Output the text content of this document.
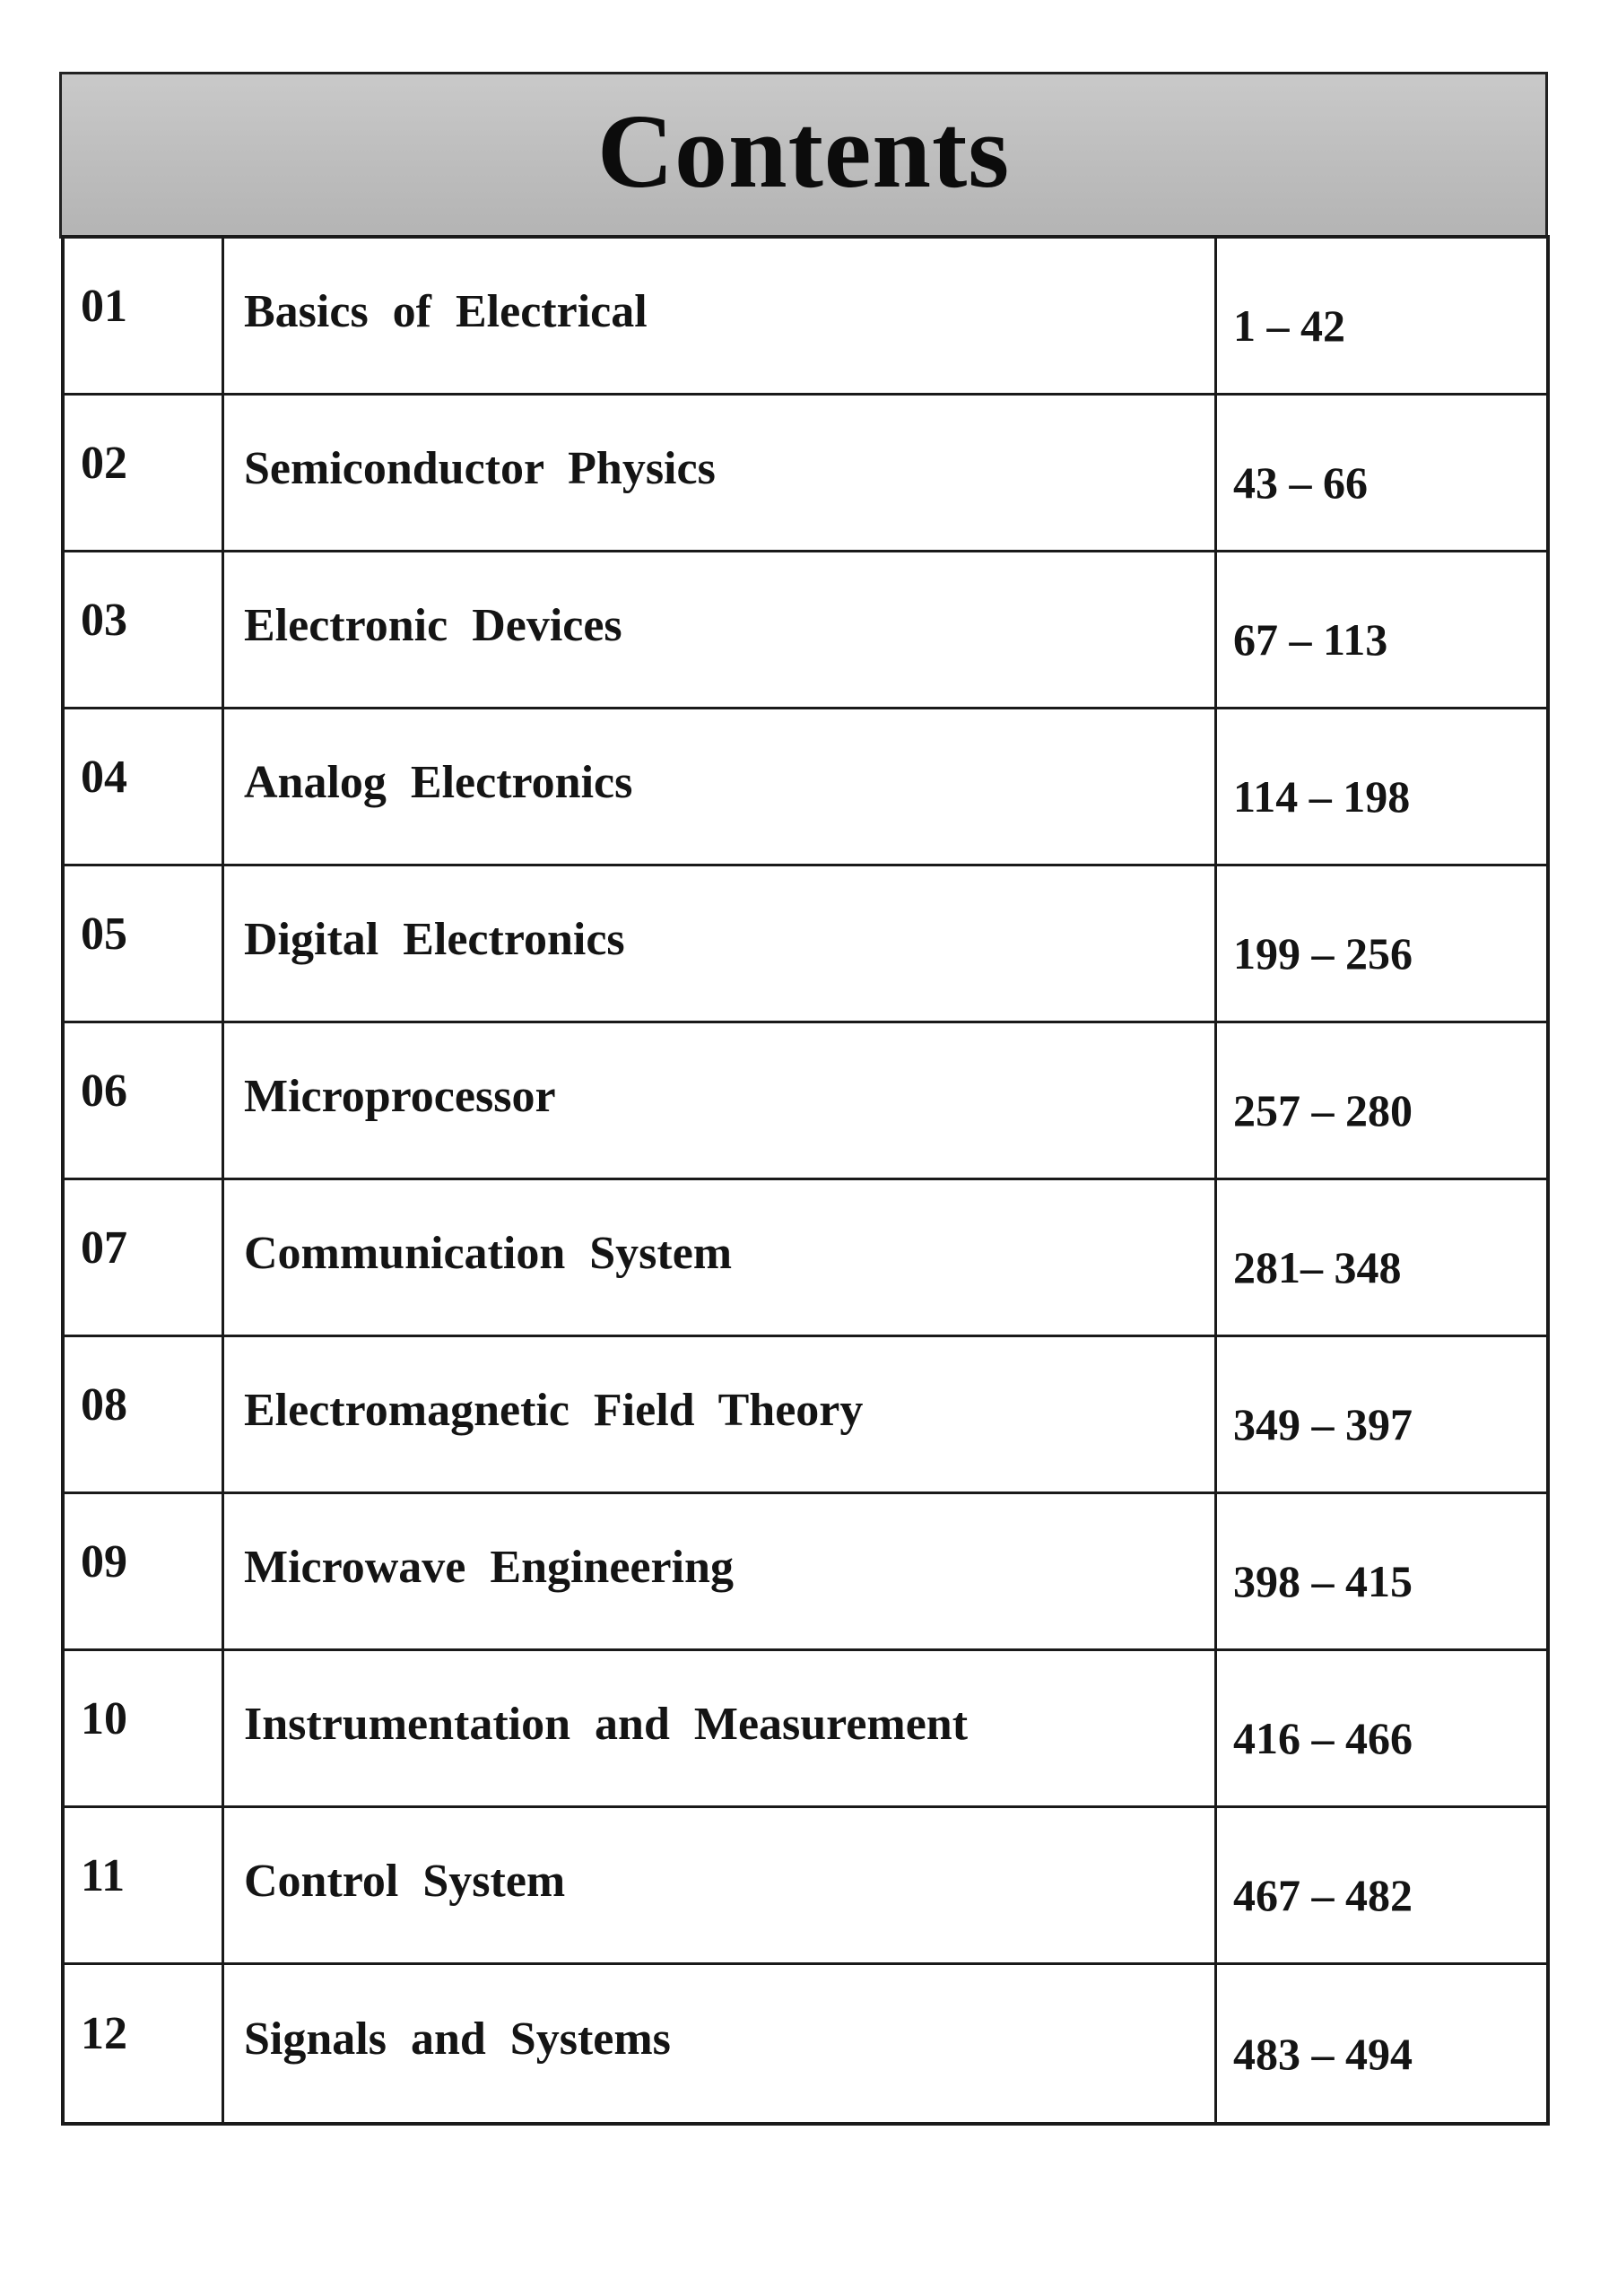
Contents
01	Basics of Electrical	1 – 42
02	Semiconductor Physics	43 – 66
03	Electronic Devices	67 – 113
04	Analog Electronics	114 – 198
05	Digital Electronics	199 – 256
06	Microprocessor	257 – 280
07	Communication System	281– 348
08	Electromagnetic Field Theory	349 – 397
09	Microwave Engineering	398 – 415
10	Instrumentation and Measurement	416 – 466
11	Control System	467 – 482
12	Signals and Systems	483 – 494
